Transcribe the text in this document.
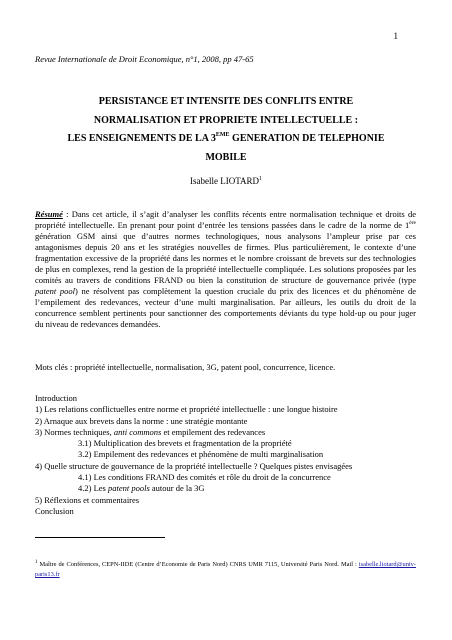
1
Revue Internationale de Droit Economique, n°1, 2008, pp 47-65
PERSISTANCE ET INTENSITE DES CONFLITS ENTRE
NORMALISATION ET PROPRIETE INTELLECTUELLE :
LES ENSEIGNEMENTS DE LA 3EME GENERATION DE TELEPHONIE
MOBILE
Isabelle LIOTARD$^1$
Résumé : Dans cet article, il s’agit d’analyser les conflits récents entre normalisation technique et droits de propriété intellectuelle. En prenant pour point d’entrée les tensions passées dans le cadre de la norme de 1ère génération GSM ainsi que d’autres normes technologiques, nous analysons l’ampleur prise par ces antagonismes depuis 20 ans et les stratégies nouvelles de firmes. Plus particulièrement, le contexte d’une fragmentation excessive de la propriété dans les normes et le nombre croissant de brevets sur des technologies de plus en complexes, rend la gestion de la propriété intellectuelle compliquée. Les solutions proposées par les comités au travers de conditions FRAND ou bien la constitution de structure de gouvernance privée (type patent pool) ne résolvent pas complètement la question cruciale du prix des licences et du phénomène de l’empilement des redevances, vecteur d’une multi marginalisation. Par ailleurs, les outils du droit de la concurrence semblent pertinents pour sanctionner des comportements déviants du type hold-up ou pour juger du niveau de redevances demandées.
Mots clés : propriété intellectuelle, normalisation, 3G, patent pool, concurrence, licence.
Introduction
1) Les relations conflictuelles entre norme et propriété intellectuelle : une longue histoire
2) Arnaque aux brevets dans la norme : une stratégie montante
3) Normes techniques, anti commons et empilement des redevances
3.1) Multiplication des brevets et fragmentation de la propriété
3.2) Empilement des redevances et phénomène de multi marginalisation
4) Quelle structure de gouvernance de la propriété intellectuelle ? Quelques pistes envisagées
4.1) Les conditions FRAND des comités et rôle du droit de la concurrence
4.2) Les patent pools autour de la 3G
5) Réflexions et commentaires
Conclusion
$^1$ Maître de Conférences, CEPN-IIDE (Centre d’Economie de Paris Nord) CNRS UMR 7115, Université Paris Nord. Mail : isabelle.liotard@univ-paris13.fr
